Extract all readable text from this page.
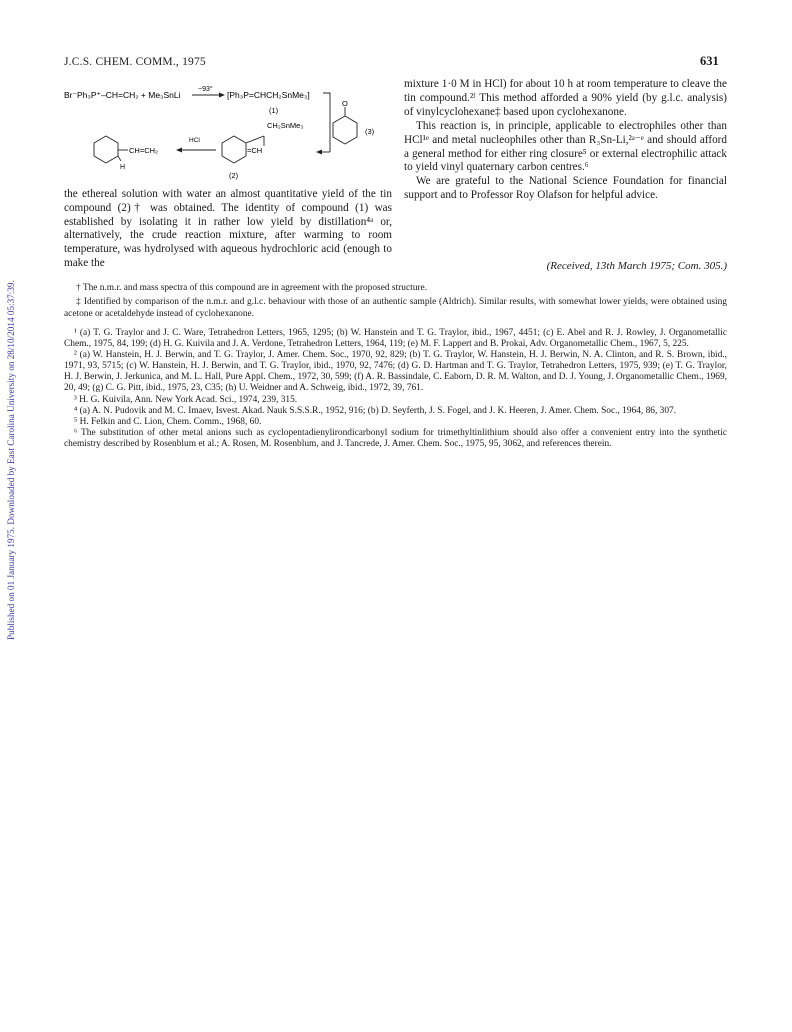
Published on 01 January 1975. Downloaded by East Carolina University on 28/10/2014 05:37:39.
J.C.S. CHEM. COMM., 1975	631
Br⁻Ph₃P⁺–CH=CH₂ + Me₃SnLi
−93°
[Ph₃P=CHCH₂SnMe₃]
(1)
O
(3)
CH₂SnMe₃
=CH
(2)
HCl
CH=CH₂
H

the ethereal solution with water an almost quantitative yield of the tin compound (2)† was obtained. The identity of compound (1) was established by isolating it in rather low yield by distillation⁴ᵃ or, alternatively, the crude reaction mixture, after warming to room temperature, was hydrolysed with aqueous hydrochloric acid (enough to make the

mixture 1·0 M in HCl) for about 10 h at room temperature to cleave the tin compound.²ᶠ This method afforded a 90% yield (by g.l.c. analysis) of vinylcyclohexane‡ based upon cyclohexanone.

This reaction is, in principle, applicable to electrophiles other than HCl¹ᵉ and metal nucleophiles other than R₃Sn-Li,²ᵃ⁻ᵉ and should afford a general method for either ring closure⁵ or external electrophilic attack to yield vinyl quaternary carbon centres.⁶

We are grateful to the National Science Foundation for financial support and to Professor Roy Olafson for helpful advice.

(Received, 13th March 1975; Com. 305.)

† The n.m.r. and mass spectra of this compound are in agreement with the proposed structure.

‡ Identified by comparison of the n.m.r. and g.l.c. behaviour with those of an authentic sample (Aldrich). Similar results, with somewhat lower yields, were obtained using acetone or acetaldehyde instead of cyclohexanone.

¹ (a) T. G. Traylor and J. C. Ware, Tetrahedron Letters, 1965, 1295; (b) W. Hanstein and T. G. Traylor, ibid., 1967, 4451; (c) E. Abel and R. J. Rowley, J. Organometallic Chem., 1975, 84, 199; (d) H. G. Kuivila and J. A. Verdone, Tetrahedron Letters, 1964, 119; (e) M. F. Lappert and B. Prokai, Adv. Organometallic Chem., 1967, 5, 225.

² (a) W. Hanstein, H. J. Berwin, and T. G. Traylor, J. Amer. Chem. Soc., 1970, 92, 829; (b) T. G. Traylor, W. Hanstein, H. J. Berwin, N. A. Clinton, and R. S. Brown, ibid., 1971, 93, 5715; (c) W. Hanstein, H. J. Berwin, and T. G. Traylor, ibid., 1970, 92, 7476; (d) G. D. Hartman and T. G. Traylor, Tetrahedron Letters, 1975, 939; (e) T. G. Traylor, H. J. Berwin, J. Jerkunica, and M. L. Hall, Pure Appl. Chem., 1972, 30, 599; (f) A. R. Bassindale, C. Eaborn, D. R. M. Walton, and D. J. Young, J. Organometallic Chem., 1969, 20, 49; (g) C. G. Pitt, ibid., 1975, 23, C35; (h) U. Weidner and A. Schweig, ibid., 1972, 39, 761.

³ H. G. Kuivila, Ann. New York Acad. Sci., 1974, 239, 315.

⁴ (a) A. N. Pudovik and M. C. Imaev, Isvest. Akad. Nauk S.S.S.R., 1952, 916; (b) D. Seyferth, J. S. Fogel, and J. K. Heeren, J. Amer. Chem. Soc., 1964, 86, 307.

⁵ H. Felkin and C. Lion, Chem. Comm., 1968, 60.

⁶ The substitution of other metal anions such as cyclopentadienylirondicarbonyl sodium for trimethyltinlithium should also offer a convenient entry into the synthetic chemistry described by Rosenblum et al.; A. Rosen, M. Rosenblum, and J. Tancrede, J. Amer. Chem. Soc., 1975, 95, 3062, and references therein.
